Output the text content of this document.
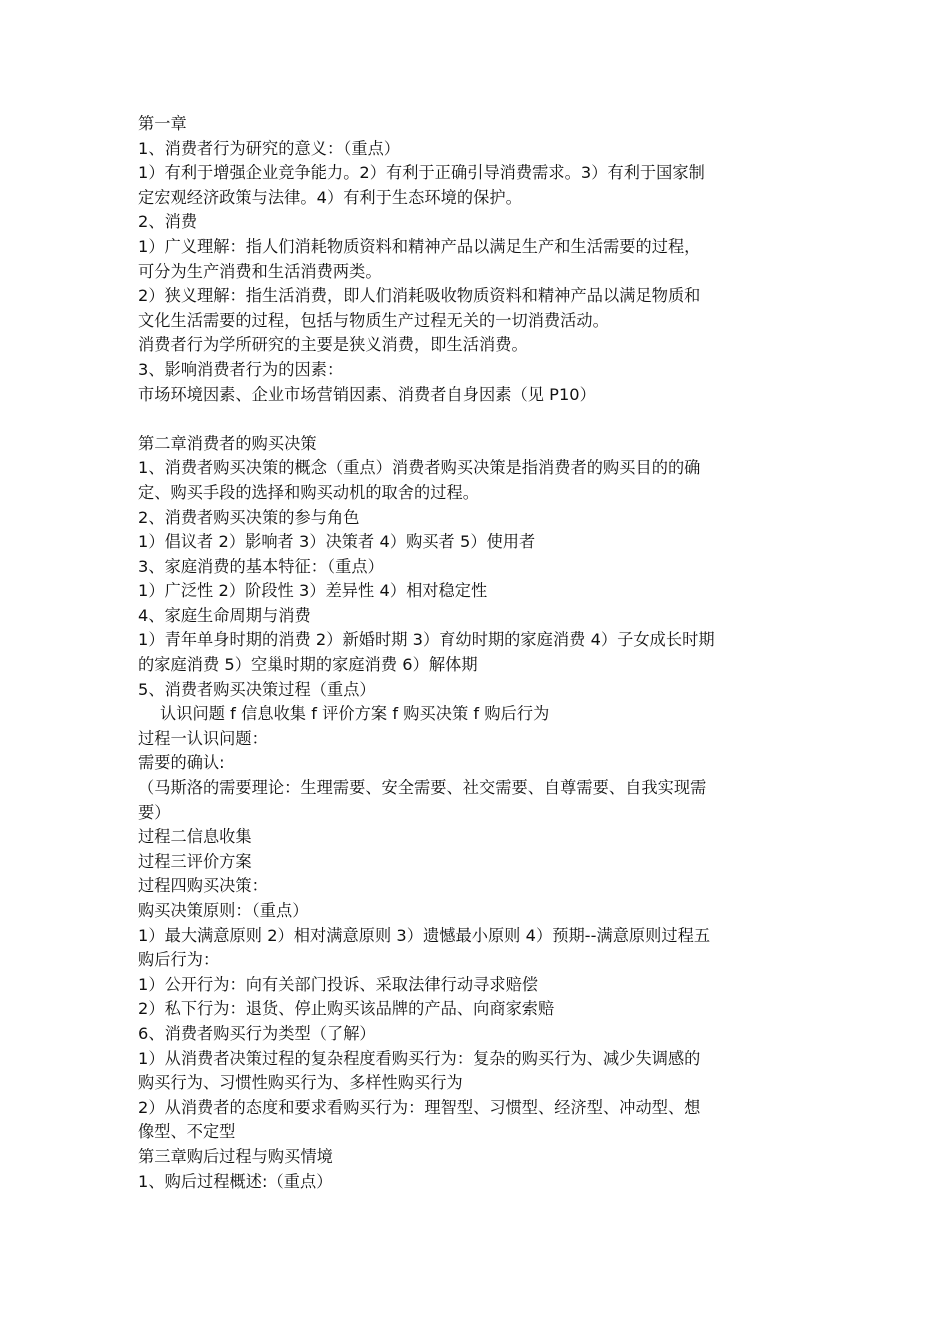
第一章
1、消费者行为研究的意义：（重点）
1）有利于增强企业竞争能力。2）有利于正确引导消费需求。3）有利于国家制
定宏观经济政策与法律。4）有利于生态环境的保护。
2、消费
1）广义理解：指人们消耗物质资料和精神产品以满足生产和生活需要的过程，
可分为生产消费和生活消费两类。
2）狭义理解：指生活消费，即人们消耗吸收物质资料和精神产品以满足物质和
文化生活需要的过程，包括与物质生产过程无关的一切消费活动。
消费者行为学所研究的主要是狭义消费，即生活消费。
3、影响消费者行为的因素：
市场环境因素、企业市场营销因素、消费者自身因素（见 P10）
第二章消费者的购买决策
1、消费者购买决策的概念（重点）消费者购买决策是指消费者的购买目的的确
定、购买手段的选择和购买动机的取舍的过程。
2、消费者购买决策的参与角色
1）倡议者 2）影响者 3）决策者 4）购买者 5）使用者
3、家庭消费的基本特征：（重点）
1）广泛性 2）阶段性 3）差异性 4）相对稳定性
4、家庭生命周期与消费
1）青年单身时期的消费 2）新婚时期 3）育幼时期的家庭消费 4）子女成长时期
的家庭消费 5）空巢时期的家庭消费 6）解体期
5、消费者购买决策过程（重点）
认识问题 f 信息收集 f 评价方案 f 购买决策 f 购后行为
过程一认识问题：
需要的确认:
（马斯洛的需要理论：生理需要、安全需要、社交需要、自尊需要、自我实现需
要）
过程二信息收集
过程三评价方案
过程四购买决策：
购买决策原则：（重点）
1）最大满意原则 2）相对满意原则 3）遗憾最小原则 4）预期--满意原则过程五
购后行为：
1）公开行为：向有关部门投诉、采取法律行动寻求赔偿
2）私下行为：退货、停止购买该品牌的产品、向商家索赔
6、消费者购买行为类型（了解）
1）从消费者决策过程的复杂程度看购买行为：复杂的购买行为、减少失调感的
购买行为、习惯性购买行为、多样性购买行为
2）从消费者的态度和要求看购买行为：理智型、习惯型、经济型、冲动型、想
像型、不定型
第三章购后过程与购买情境
1、购后过程概述:（重点）
